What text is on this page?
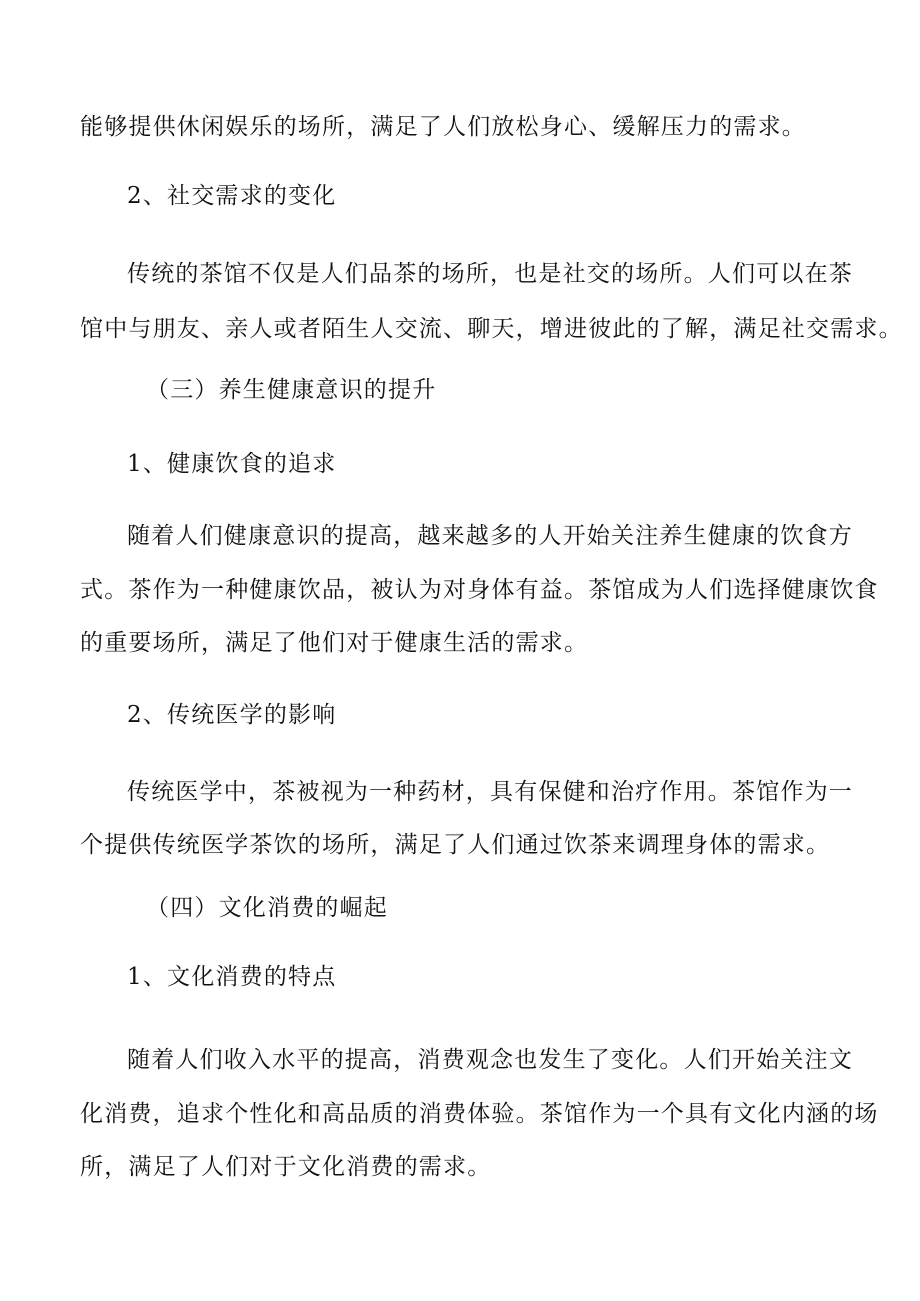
能够提供休闲娱乐的场所，满足了人们放松身心、缓解压力的需求。
2、社交需求的变化
传统的茶馆不仅是人们品茶的场所，也是社交的场所。人们可以在茶
馆中与朋友、亲人或者陌生人交流、聊天，增进彼此的了解，满足社交需求。
（三）养生健康意识的提升
1、健康饮食的追求
随着人们健康意识的提高，越来越多的人开始关注养生健康的饮食方
式。茶作为一种健康饮品，被认为对身体有益。茶馆成为人们选择健康饮食
的重要场所，满足了他们对于健康生活的需求。
2、传统医学的影响
传统医学中，茶被视为一种药材，具有保健和治疗作用。茶馆作为一
个提供传统医学茶饮的场所，满足了人们通过饮茶来调理身体的需求。
（四）文化消费的崛起
1、文化消费的特点
随着人们收入水平的提高，消费观念也发生了变化。人们开始关注文
化消费，追求个性化和高品质的消费体验。茶馆作为一个具有文化内涵的场
所，满足了人们对于文化消费的需求。
